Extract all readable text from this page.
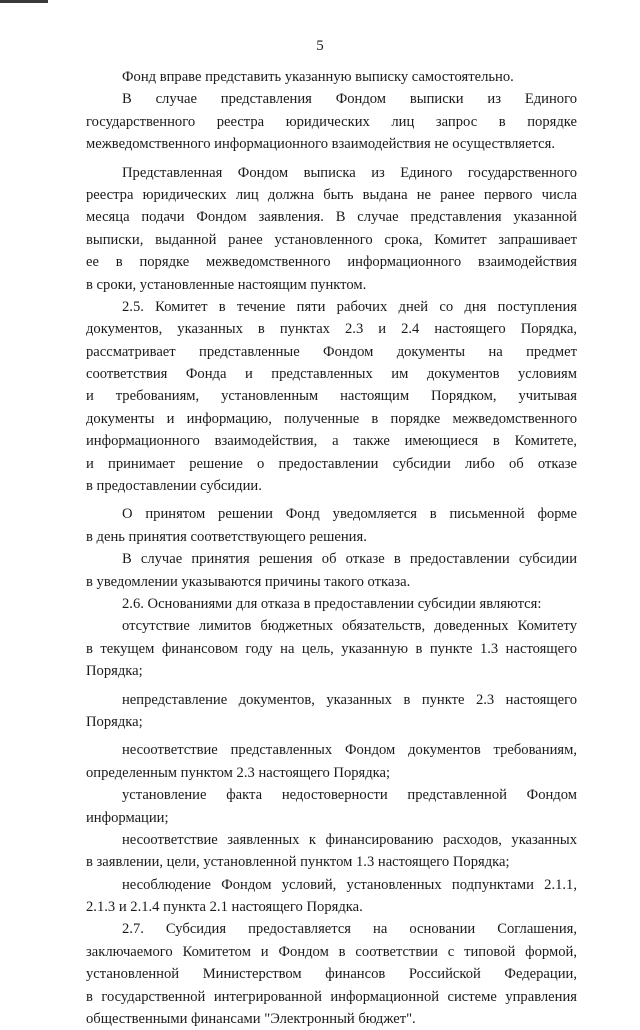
5
Фонд вправе представить указанную выписку самостоятельно.
В случае представления Фондом выписки из Единого
государственного реестра юридических лиц запрос в порядке
межведомственного информационного взаимодействия не осуществляется.
Представленная Фондом выписка из Единого государственного
реестра юридических лиц должна быть выдана не ранее первого числа
месяца подачи Фондом заявления. В случае представления указанной
выписки, выданной ранее установленного срока, Комитет запрашивает
ее в порядке межведомственного информационного взаимодействия
в сроки, установленные настоящим пунктом.
2.5. Комитет в течение пяти рабочих дней со дня поступления
документов, указанных в пунктах 2.3 и 2.4 настоящего Порядка,
рассматривает представленные Фондом документы на предмет
соответствия Фонда и представленных им документов условиям
и требованиям, установленным настоящим Порядком, учитывая
документы и информацию, полученные в порядке межведомственного
информационного взаимодействия, а также имеющиеся в Комитете,
и принимает решение о предоставлении субсидии либо об отказе
в предоставлении субсидии.
О принятом решении Фонд уведомляется в письменной форме
в день принятия соответствующего решения.
В случае принятия решения об отказе в предоставлении субсидии
в уведомлении указываются причины такого отказа.
2.6. Основаниями для отказа в предоставлении субсидии являются:
отсутствие лимитов бюджетных обязательств, доведенных Комитету
в текущем финансовом году на цель, указанную в пункте 1.3 настоящего
Порядка;
непредставление документов, указанных в пункте 2.3 настоящего
Порядка;
несоответствие представленных Фондом документов требованиям,
определенным пунктом 2.3 настоящего Порядка;
установление факта недостоверности представленной Фондом
информации;
несоответствие заявленных к финансированию расходов, указанных
в заявлении, цели, установленной пунктом 1.3 настоящего Порядка;
несоблюдение Фондом условий, установленных подпунктами 2.1.1,
2.1.3 и 2.1.4 пункта 2.1 настоящего Порядка.
2.7. Субсидия предоставляется на основании Соглашения,
заключаемого Комитетом и Фондом в соответствии с типовой формой,
установленной Министерством финансов Российской Федерации,
в государственной интегрированной информационной системе управления
общественными финансами "Электронный бюджет".
